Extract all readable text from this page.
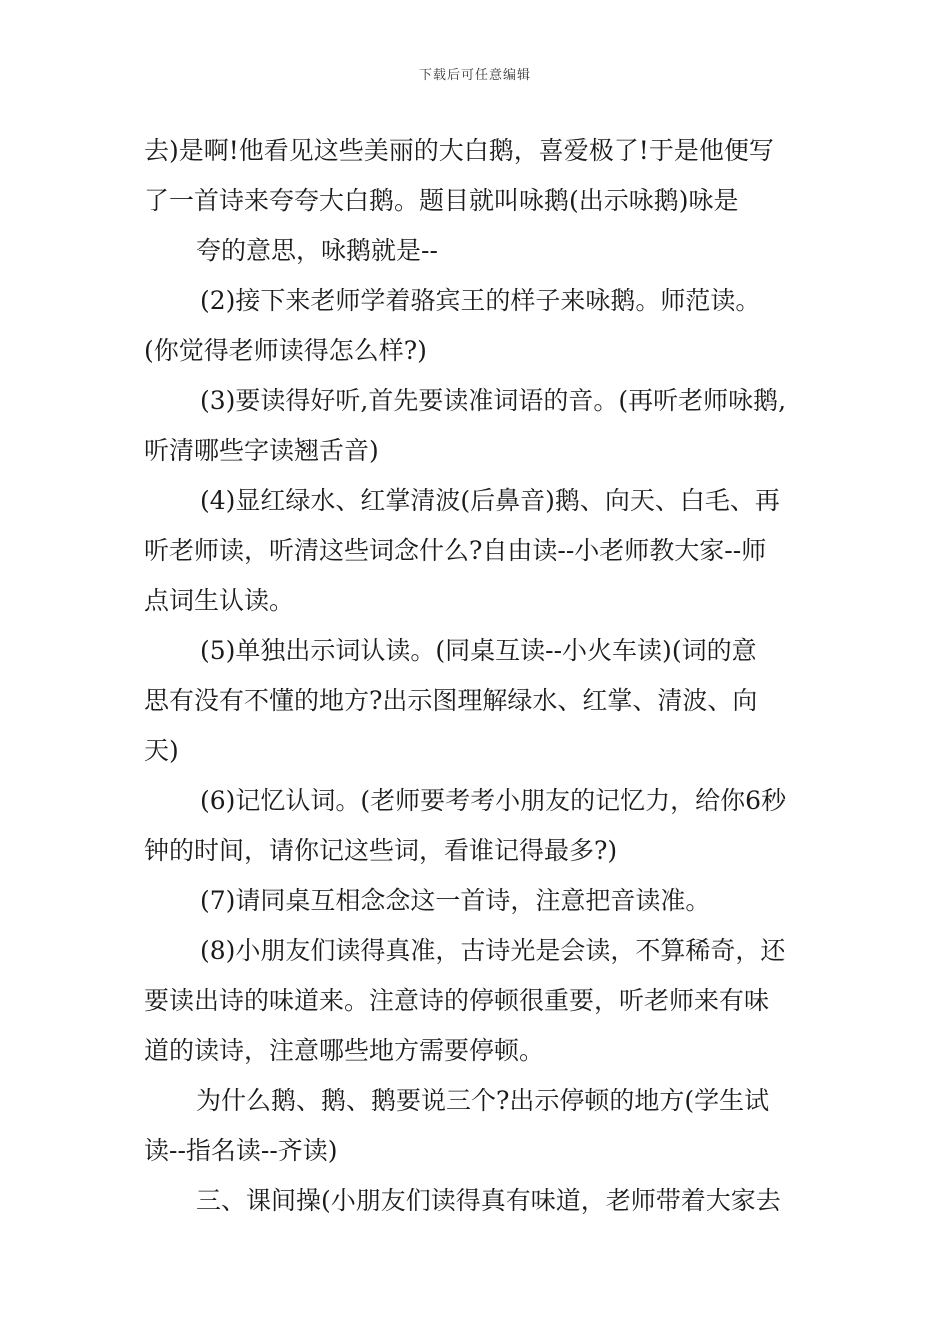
下载后可任意编辑
去)是啊!他看见这些美丽的大白鹅，喜爱极了!于是他便写
了一首诗来夸夸大白鹅。题目就叫咏鹅(出示咏鹅)咏是
夸的意思，咏鹅就是--
(2)接下来老师学着骆宾王的样子来咏鹅。师范读。
(你觉得老师读得怎么样?)
(3)要读得好听,首先要读准词语的音。(再听老师咏鹅,
听清哪些字读翘舌音)
(4)显红绿水、红掌清波(后鼻音)鹅、向天、白毛、再
听老师读，听清这些词念什么?自由读--小老师教大家--师
点词生认读。
(5)单独出示词认读。(同桌互读--小火车读)(词的意
思有没有不懂的地方?出示图理解绿水、红掌、清波、向
天)
(6)记忆认词。(老师要考考小朋友的记忆力，给你6秒
钟的时间，请你记这些词，看谁记得最多?)
(7)请同桌互相念念这一首诗，注意把音读准。
(8)小朋友们读得真准，古诗光是会读，不算稀奇，还
要读出诗的味道来。注意诗的停顿很重要，听老师来有味
道的读诗，注意哪些地方需要停顿。
为什么鹅、鹅、鹅要说三个?出示停顿的地方(学生试
读--指名读--齐读)
三、课间操(小朋友们读得真有味道，老师带着大家去
